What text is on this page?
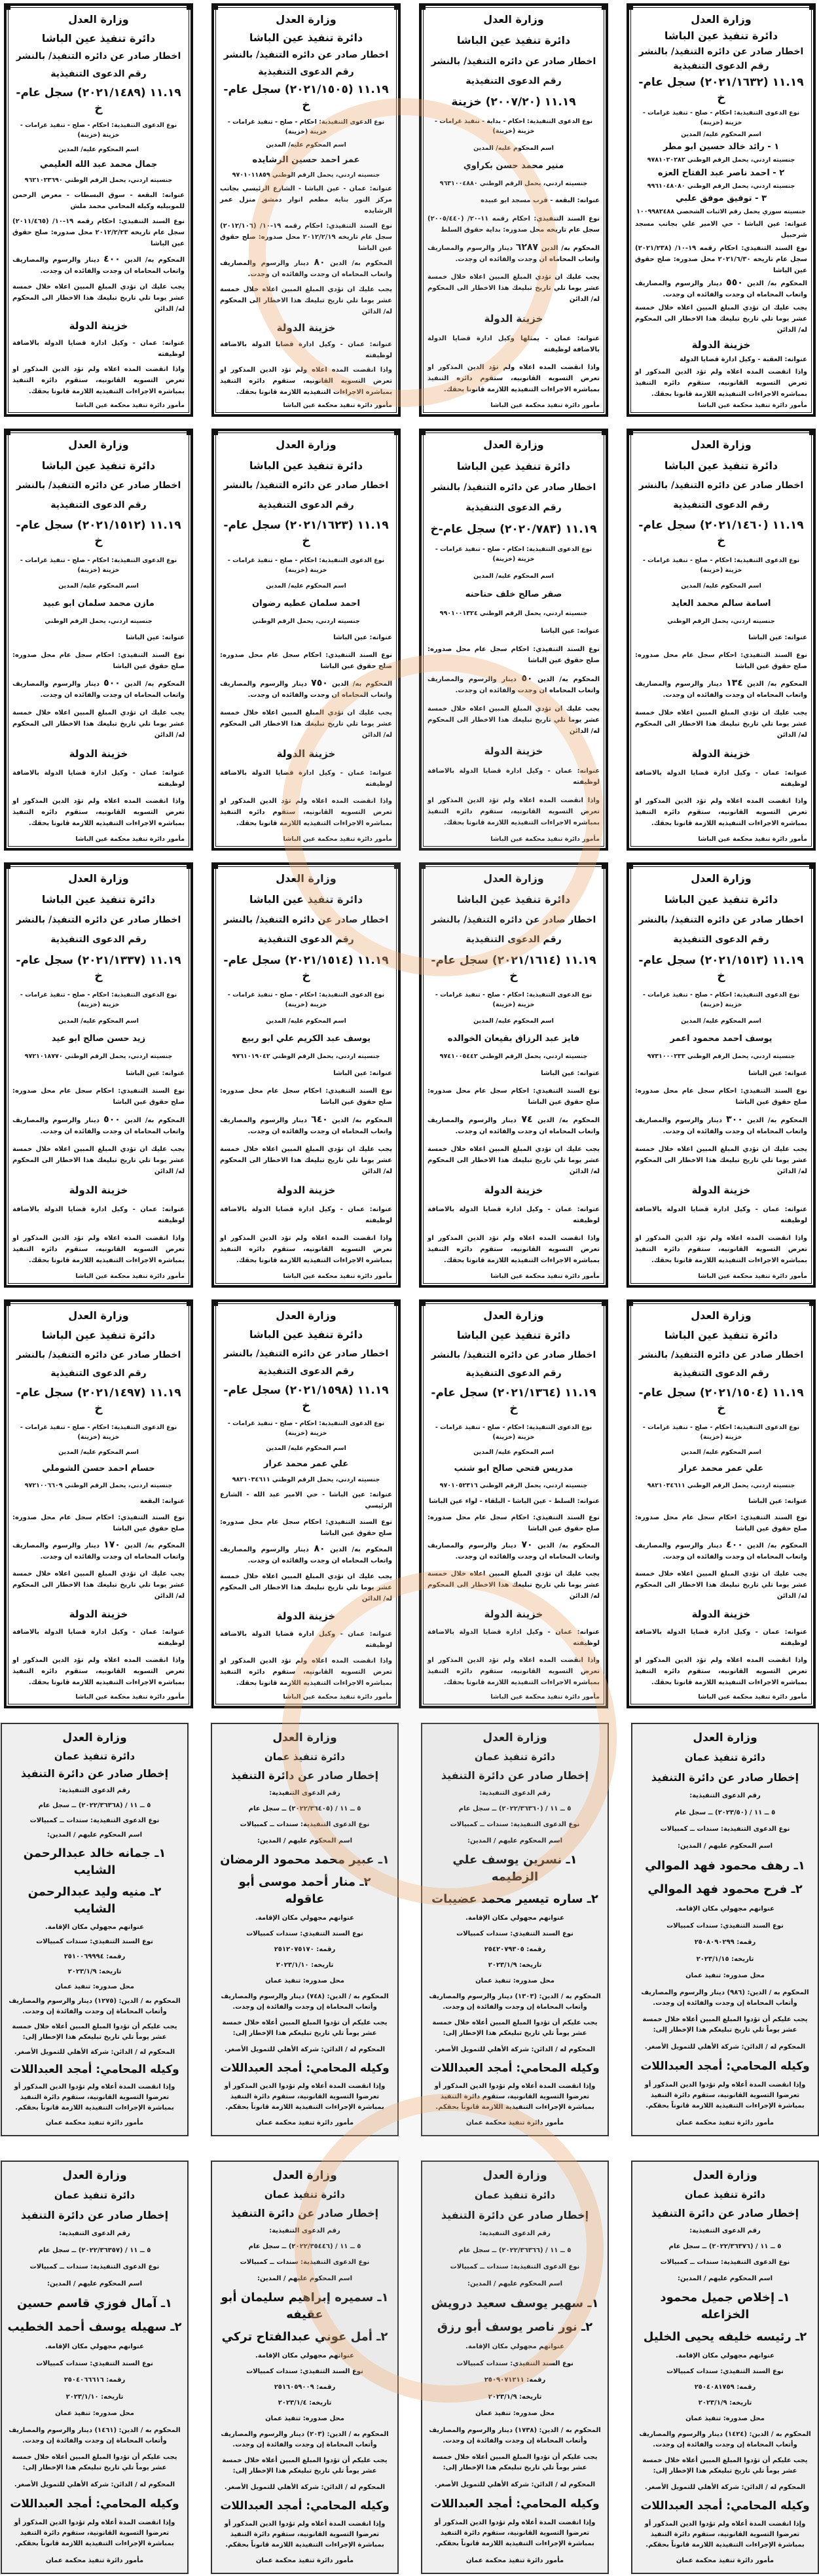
وزارة العدل
دائرة تنفيذ عين الباشا
اخطار صادر عن دائره التنفيذ/ بالنشر
رقم الدعوى التنفيذية
١١.١٩ (٢٠٢١/١٦٣٢) سجل عام-خ
نوع الدعوى التنفيذية: احكام - صلح - تنفيذ غرامات - خزينة (خزينة)
اسم المحكوم عليه/ المدين
١ - رائد خالد حسين ابو مطر
جنسيته اردني، يحمل الرقم الوطني ٩٧٨١٠٢٠٢٨٢
٢ - احمد ناصر عبد الفتاح العزه
جنسيته اردني، يحمل الرقم الوطني ٩٩٦١٠٤٨٠٨٠
٣ - توفيق موفق علبي
جنسيته سوري يحمل رقم الاثبات الشخصي ١٠٠٩٩٨٢٤٨٨
عنوانه: عين الباشا - حي الامير علي بجانب مسجد شرحبيل
نوع السند التنفيذي: احكام رقمه ١٩-١٠/ (٢٠٢١/٢٣٨) سجل عام تاريخه ٢٠٢١/٦/٣٠ محل صدوره: صلح حقوق عين الباشا
المحكوم به/ الدين ٥٥٠ دينار والرسوم والمصاريف واتعاب المحاماه ان وجدت والفائده ان وجدت.
يجب عليك ان تؤدي المبلغ المبين اعلاه خلال خمسة عشر يوما تلي تاريخ تبليغك هذا الاخطار الى المحكوم له/ الدائن
خزينة الدولة
عنوانه: العقبة - وكيل ادارة قضايا الدولة
واذا انقضت المده اعلاه ولم تؤد الدين المذكور او تعرض التسويه القانونيه، ستقوم دائره التنفيذ بمباشره الاجراءات التنفيذيه اللازمة قانونا بحقك.
مأمور دائرة تنفيذ محكمة عين الباشا
وزارة العدل
دائرة تنفيذ عين الباشا
اخطار صادر عن دائره التنفيذ/ بالنشر
رقم الدعوى التنفيذية
١١.١٩ (٢٠٠٧/٢٠) خزينة
نوع الدعوى التنفيذية: احكام - بداية - تنفيذ غرامات - خزينة (خزينة)
اسم المحكوم عليه/ المدين
منير محمد حسن بكراوي
جنسيته اردني، يحمل الرقم الوطني ٩٦٣١٠٠٤٨٨٠
عنوانه: البقعة - قرب مسجد ابو عبيده
نوع السند التنفيذي: احكام رقمه ١١-٢٠/ (٢٠٠٥/٤٤٠) سجل عام تاريخه محل صدوره: بداية حقوق السلط
المحكوم به/ الدين ٦٢٨٧ دينار والرسوم والمصاريف واتعاب المحاماه ان وجدت والفائده ان وجدت.
يجب عليك ان تؤدي المبلغ المبين اعلاه خلال خمسة عشر يوما تلي تاريخ تبليغك هذا الاخطار الى المحكوم له/ الدائن
خزينة الدولة
عنوانه: عمان - يمثلها وكيل ادارة قضايا الدولة بالاضافة لوظيفته
واذا انقضت المده اعلاه ولم تؤد الدين المذكور او تعرض التسويه القانونيه، ستقوم دائره التنفيذ بمباشره الاجراءات التنفيذيه اللازمة قانونا بحقك.
مأمور دائرة تنفيذ محكمة عين الباشا
وزارة العدل
دائرة تنفيذ عين الباشا
اخطار صادر عن دائره التنفيذ/ بالنشر
رقم الدعوى التنفيذية
١١.١٩ (٢٠٢١/١٥٠٥) سجل عام-خ
نوع الدعوى التنفيذية: احكام - صلح - تنفيذ غرامات - خزينة (خزينة)
اسم المحكوم عليه/ المدين
عمر احمد حسين الرشايده
جنسيته اردني، يحمل الرقم الوطني ٩٧٠١٠١١٨٥٩
عنوانه: عمان - عين الباشا - الشارع الرئيسي بجانب مركز النور بناية مطعم انوار دمشق منزل عمر الرشايده
نوع السند التنفيذي: احكام رقمه ١٩-١٠/ (٢٠١٢/١٠٦) سجل عام تاريخه ٢٠١٢/٢/١٩ محل صدوره: صلح حقوق عين الباشا
المحكوم به/ الدين ٨٠ دينار والرسوم والمصاريف واتعاب المحاماه ان وجدت والفائده ان وجدت.
يجب عليك ان تؤدي المبلغ المبين اعلاه خلال خمسة عشر يوما تلي تاريخ تبليغك هذا الاخطار الى المحكوم له/ الدائن
خزينة الدولة
عنوانه: عمان - وكيل ادارة قضايا الدولة بالاضافة لوظيفته
واذا انقضت المده اعلاه ولم تؤد الدين المذكور او تعرض التسويه القانونيه، ستقوم دائره التنفيذ بمباشره الاجراءات التنفيذيه اللازمة قانونا بحقك.
مأمور دائرة تنفيذ محكمة عين الباشا
وزارة العدل
دائرة تنفيذ عين الباشا
اخطار صادر عن دائره التنفيذ/ بالنشر
رقم الدعوى التنفيذية
١١.١٩ (٢٠٢١/١٤٨٩) سجل عام-خ
نوع الدعوى التنفيذية: احكام - صلح - تنفيذ غرامات - خزينة (خزينة)
اسم المحكوم عليه/ المدين
جمال محمد عبد الله العليمي
جنسيته اردني، يحمل الرقم الوطني ٩٦٢١٠٢٣٦٩٠
عنوانه: البقعة - سوق البسطات - معرض الرحمن للموبيليه وكيله المحامي محمد ملش
نوع السند التنفيذي: احكام رقمه ١٩-١٠/ (٢٠١١/٤٦٥) سجل عام تاريخه ٢٠١٢/٢/٢٣ محل صدوره: صلح حقوق عين الباشا
المحكوم به/ الدين ٤٠٠ دينار والرسوم والمصاريف واتعاب المحاماه ان وجدت والفائده ان وجدت.
يجب عليك ان تؤدي المبلغ المبين اعلاه خلال خمسة عشر يوما تلي تاريخ تبليغك هذا الاخطار الى المحكوم له/ الدائن
خزينة الدولة
عنوانه: عمان - وكيل ادارة قضايا الدولة بالاضافة لوظيفته
واذا انقضت المده اعلاه ولم تؤد الدين المذكور او تعرض التسويه القانونيه، ستقوم دائره التنفيذ بمباشره الاجراءات التنفيذيه اللازمة قانونا بحقك.
مأمور دائرة تنفيذ محكمة عين الباشا
وزارة العدل
دائرة تنفيذ عين الباشا
اخطار صادر عن دائره التنفيذ/ بالنشر
رقم الدعوى التنفيذية
١١.١٩ (٢٠٢١/١٤٦٠) سجل عام-خ
نوع الدعوى التنفيذية: احكام - صلح - تنفيذ غرامات - خزينة (خزينة)
اسم المحكوم عليه/ المدين
اسامة سالم محمد العايد
جنسيته اردني، يحمل الرقم الوطني
عنوانه: عين الباشا
نوع السند التنفيذي: احكام سجل عام محل صدوره: صلح حقوق عين الباشا
المحكوم به/ الدين ١٣٤ دينار والرسوم والمصاريف واتعاب المحاماه ان وجدت والفائده ان وجدت.
يجب عليك ان تؤدي المبلغ المبين اعلاه خلال خمسة عشر يوما تلي تاريخ تبليغك هذا الاخطار الى المحكوم له/ الدائن
خزينة الدولة
عنوانه: عمان - وكيل ادارة قضايا الدولة بالاضافة لوظيفته
واذا انقضت المده اعلاه ولم تؤد الدين المذكور او تعرض التسويه القانونيه، ستقوم دائره التنفيذ بمباشره الاجراءات التنفيذيه اللازمة قانونا بحقك.
مأمور دائرة تنفيذ محكمة عين الباشا
وزارة العدل
دائرة تنفيذ عين الباشا
اخطار صادر عن دائره التنفيذ/ بالنشر
رقم الدعوى التنفيذية
١١.١٩ (٢٠٢٠/٧٨٣) سجل عام-خ
نوع الدعوى التنفيذية: احكام - صلح - تنفيذ غرامات - خزينة (خزينة)
اسم المحكوم عليه/ المدين
صقر صالح خلف حناحنه
جنسيته اردني، يحمل الرقم الوطني ٩٩٠١٠٠١٣٢٤
عنوانه: عين الباشا
نوع السند التنفيذي: احكام سجل عام محل صدوره: صلح حقوق عين الباشا
المحكوم به/ الدين ٥٠ دينار والرسوم والمصاريف واتعاب المحاماه ان وجدت والفائده ان وجدت.
يجب عليك ان تؤدي المبلغ المبين اعلاه خلال خمسة عشر يوما تلي تاريخ تبليغك هذا الاخطار الى المحكوم له/ الدائن
خزينة الدولة
عنوانه: عمان - وكيل ادارة قضايا الدولة بالاضافة لوظيفته
واذا انقضت المده اعلاه ولم تؤد الدين المذكور او تعرض التسويه القانونيه، ستقوم دائره التنفيذ بمباشره الاجراءات التنفيذيه اللازمة قانونا بحقك.
مأمور دائرة تنفيذ محكمة عين الباشا
وزارة العدل
دائرة تنفيذ عين الباشا
اخطار صادر عن دائره التنفيذ/ بالنشر
رقم الدعوى التنفيذية
١١.١٩ (٢٠٢١/١٦٢٣) سجل عام-خ
نوع الدعوى التنفيذية: احكام - صلح - تنفيذ غرامات - خزينة (خزينة)
اسم المحكوم عليه/ المدين
احمد سلمان عطيه رضوان
جنسيته اردني، يحمل الرقم الوطني
عنوانه: عين الباشا
نوع السند التنفيذي: احكام سجل عام محل صدوره: صلح حقوق عين الباشا
المحكوم به/ الدين ٧٥٠ دينار والرسوم والمصاريف واتعاب المحاماه ان وجدت والفائده ان وجدت.
يجب عليك ان تؤدي المبلغ المبين اعلاه خلال خمسة عشر يوما تلي تاريخ تبليغك هذا الاخطار الى المحكوم له/ الدائن
خزينة الدولة
عنوانه: عمان - وكيل ادارة قضايا الدولة بالاضافة لوظيفته
واذا انقضت المده اعلاه ولم تؤد الدين المذكور او تعرض التسويه القانونيه، ستقوم دائره التنفيذ بمباشره الاجراءات التنفيذيه اللازمة قانونا بحقك.
مأمور دائرة تنفيذ محكمة عين الباشا
وزارة العدل
دائرة تنفيذ عين الباشا
اخطار صادر عن دائره التنفيذ/ بالنشر
رقم الدعوى التنفيذية
١١.١٩ (٢٠٢١/١٥١٢) سجل عام-خ
نوع الدعوى التنفيذية: احكام - صلح - تنفيذ غرامات - خزينة (خزينة)
اسم المحكوم عليه/ المدين
مازن محمد سلمان ابو عبيد
جنسيته اردني، يحمل الرقم الوطني
عنوانه: عين الباشا
نوع السند التنفيذي: احكام سجل عام محل صدوره: صلح حقوق عين الباشا
المحكوم به/ الدين ٥٠٠ دينار والرسوم والمصاريف واتعاب المحاماه ان وجدت والفائده ان وجدت.
يجب عليك ان تؤدي المبلغ المبين اعلاه خلال خمسة عشر يوما تلي تاريخ تبليغك هذا الاخطار الى المحكوم له/ الدائن
خزينة الدولة
عنوانه: عمان - وكيل ادارة قضايا الدولة بالاضافة لوظيفته
واذا انقضت المده اعلاه ولم تؤد الدين المذكور او تعرض التسويه القانونيه، ستقوم دائره التنفيذ بمباشره الاجراءات التنفيذيه اللازمة قانونا بحقك.
مأمور دائرة تنفيذ محكمة عين الباشا
وزارة العدل
دائرة تنفيذ عين الباشا
اخطار صادر عن دائره التنفيذ/ بالنشر
رقم الدعوى التنفيذية
١١.١٩ (٢٠٢١/١٥١٣) سجل عام-خ
نوع الدعوى التنفيذية: احكام - صلح - تنفيذ غرامات - خزينة (خزينة)
اسم المحكوم عليه/ المدين
يوسف احمد محمود اعمر
جنسيته اردني، يحمل الرقم الوطني ٩٧٣١٠٠٠٢٣٣
عنوانه: عين الباشا
نوع السند التنفيذي: احكام سجل عام محل صدوره: صلح حقوق عين الباشا
المحكوم به/ الدين ٣٠٠ دينار والرسوم والمصاريف واتعاب المحاماه ان وجدت والفائده ان وجدت.
يجب عليك ان تؤدي المبلغ المبين اعلاه خلال خمسة عشر يوما تلي تاريخ تبليغك هذا الاخطار الى المحكوم له/ الدائن
خزينة الدولة
عنوانه: عمان - وكيل ادارة قضايا الدولة بالاضافة لوظيفته
واذا انقضت المده اعلاه ولم تؤد الدين المذكور او تعرض التسويه القانونيه، ستقوم دائره التنفيذ بمباشره الاجراءات التنفيذيه اللازمة قانونا بحقك.
مأمور دائرة تنفيذ محكمة عين الباشا
وزارة العدل
دائرة تنفيذ عين الباشا
اخطار صادر عن دائره التنفيذ/ بالنشر
رقم الدعوى التنفيذية
١١.١٩ (٢٠٢١/١٦١٤) سجل عام-خ
نوع الدعوى التنفيذية: احكام - صلح - تنفيذ غرامات - خزينة (خزينة)
اسم المحكوم عليه/ المدين
فايز عبد الرزاق بقيعان الخوالده
جنسيته اردني، يحمل الرقم الوطني ٩٧٤١٠٠٥٤٤٢
عنوانه: عين الباشا
نوع السند التنفيذي: احكام سجل عام محل صدوره: صلح حقوق عين الباشا
المحكوم به/ الدين ٧٤ دينار والرسوم والمصاريف واتعاب المحاماه ان وجدت والفائده ان وجدت.
يجب عليك ان تؤدي المبلغ المبين اعلاه خلال خمسة عشر يوما تلي تاريخ تبليغك هذا الاخطار الى المحكوم له/ الدائن
خزينة الدولة
عنوانه: عمان - وكيل ادارة قضايا الدولة بالاضافة لوظيفته
واذا انقضت المده اعلاه ولم تؤد الدين المذكور او تعرض التسويه القانونيه، ستقوم دائره التنفيذ بمباشره الاجراءات التنفيذيه اللازمة قانونا بحقك.
مأمور دائرة تنفيذ محكمة عين الباشا
وزارة العدل
دائرة تنفيذ عين الباشا
اخطار صادر عن دائره التنفيذ/ بالنشر
رقم الدعوى التنفيذية
١١.١٩ (٢٠٢١/١٥١٤) سجل عام-خ
نوع الدعوى التنفيذية: احكام - صلح - تنفيذ غرامات - خزينة (خزينة)
اسم المحكوم عليه/ المدين
يوسف عبد الكريم علي ابو ربيع
جنسيته اردني، يحمل الرقم الوطني ٩٧٦١٠١٩٠٤٢
عنوانه: عين الباشا
نوع السند التنفيذي: احكام سجل عام محل صدوره: صلح حقوق عين الباشا
المحكوم به/ الدين ٦٤٠ دينار والرسوم والمصاريف واتعاب المحاماه ان وجدت والفائده ان وجدت.
يجب عليك ان تؤدي المبلغ المبين اعلاه خلال خمسة عشر يوما تلي تاريخ تبليغك هذا الاخطار الى المحكوم له/ الدائن
خزينة الدولة
عنوانه: عمان - وكيل ادارة قضايا الدولة بالاضافة لوظيفته
واذا انقضت المده اعلاه ولم تؤد الدين المذكور او تعرض التسويه القانونيه، ستقوم دائره التنفيذ بمباشره الاجراءات التنفيذيه اللازمة قانونا بحقك.
مأمور دائرة تنفيذ محكمة عين الباشا
وزارة العدل
دائرة تنفيذ عين الباشا
اخطار صادر عن دائره التنفيذ/ بالنشر
رقم الدعوى التنفيذية
١١.١٩ (٢٠٢١/١٣٣٧) سجل عام-خ
نوع الدعوى التنفيذية: احكام - صلح - تنفيذ غرامات - خزينة (خزينة)
اسم المحكوم عليه/ المدين
زيد حسن صالح ابو عيد
جنسيته اردني، يحمل الرقم الوطني ٩٧٢١٠١٨٧٧٠
عنوانه: عين الباشا
نوع السند التنفيذي: احكام سجل عام محل صدوره: صلح حقوق عين الباشا
المحكوم به/ الدين ٥٠٠ دينار والرسوم والمصاريف واتعاب المحاماه ان وجدت والفائده ان وجدت.
يجب عليك ان تؤدي المبلغ المبين اعلاه خلال خمسة عشر يوما تلي تاريخ تبليغك هذا الاخطار الى المحكوم له/ الدائن
خزينة الدولة
عنوانه: عمان - وكيل ادارة قضايا الدولة بالاضافة لوظيفته
واذا انقضت المده اعلاه ولم تؤد الدين المذكور او تعرض التسويه القانونيه، ستقوم دائره التنفيذ بمباشره الاجراءات التنفيذيه اللازمة قانونا بحقك.
مأمور دائرة تنفيذ محكمة عين الباشا
وزارة العدل
دائرة تنفيذ عين الباشا
اخطار صادر عن دائره التنفيذ/ بالنشر
رقم الدعوى التنفيذية
١١.١٩ (٢٠٢١/١٥٠٤) سجل عام-خ
نوع الدعوى التنفيذية: احكام - صلح - تنفيذ غرامات - خزينة (خزينة)
اسم المحكوم عليه/ المدين
علي عمر محمد عرار
جنسيته اردني، يحمل الرقم الوطني ٩٨٢١٠٣٤٦١١
عنوانه: عين الباشا
نوع السند التنفيذي: احكام سجل عام محل صدوره: صلح حقوق عين الباشا
المحكوم به/ الدين ٤٠٠ دينار والرسوم والمصاريف واتعاب المحاماه ان وجدت والفائده ان وجدت.
يجب عليك ان تؤدي المبلغ المبين اعلاه خلال خمسة عشر يوما تلي تاريخ تبليغك هذا الاخطار الى المحكوم له/ الدائن
خزينة الدولة
عنوانه: عمان - وكيل ادارة قضايا الدولة بالاضافة لوظيفته
واذا انقضت المده اعلاه ولم تؤد الدين المذكور او تعرض التسويه القانونيه، ستقوم دائره التنفيذ بمباشره الاجراءات التنفيذيه اللازمة قانونا بحقك.
مأمور دائرة تنفيذ محكمة عين الباشا
وزارة العدل
دائرة تنفيذ عين الباشا
اخطار صادر عن دائره التنفيذ/ بالنشر
رقم الدعوى التنفيذية
١١.١٩ (٢٠٢١/١٣٦٤) سجل عام-خ
نوع الدعوى التنفيذية: احكام - صلح - تنفيذ غرامات - خزينة (خزينة)
اسم المحكوم عليه/ المدين
مدريس فتحي صالح ابو شنب
جنسيته اردني، يحمل الرقم الوطني ٩٧٠١٠٥٢٣١٦
عنوانه: السلط - عين الباشا - البلقاء - لواء عين الباشا
نوع السند التنفيذي: احكام سجل عام محل صدوره: صلح حقوق عين الباشا
المحكوم به/ الدين ٧٠ دينار والرسوم والمصاريف واتعاب المحاماه ان وجدت والفائده ان وجدت.
يجب عليك ان تؤدي المبلغ المبين اعلاه خلال خمسة عشر يوما تلي تاريخ تبليغك هذا الاخطار الى المحكوم له/ الدائن
خزينة الدولة
عنوانه: عمان - وكيل ادارة قضايا الدولة بالاضافة لوظيفته
واذا انقضت المده اعلاه ولم تؤد الدين المذكور او تعرض التسويه القانونيه، ستقوم دائره التنفيذ بمباشره الاجراءات التنفيذيه اللازمة قانونا بحقك.
مأمور دائرة تنفيذ محكمة عين الباشا
وزارة العدل
دائرة تنفيذ عين الباشا
اخطار صادر عن دائره التنفيذ/ بالنشر
رقم الدعوى التنفيذية
١١.١٩ (٢٠٢١/١٥٩٨) سجل عام-خ
نوع الدعوى التنفيذية: احكام - صلح - تنفيذ غرامات - خزينة (خزينة)
اسم المحكوم عليه/ المدين
علي عمر محمد عرار
جنسيته اردني، يحمل الرقم الوطني ٩٨٢١٠٣٤٦١١
عنوانه: عين الباشا - حي الامير عبد الله - الشارع الرئيسي
نوع السند التنفيذي: احكام سجل عام محل صدوره: صلح حقوق عين الباشا
المحكوم به/ الدين ٨٠ دينار والرسوم والمصاريف واتعاب المحاماه ان وجدت والفائده ان وجدت.
يجب عليك ان تؤدي المبلغ المبين اعلاه خلال خمسة عشر يوما تلي تاريخ تبليغك هذا الاخطار الى المحكوم له/ الدائن
خزينة الدولة
عنوانه: عمان - وكيل ادارة قضايا الدولة بالاضافة لوظيفته
واذا انقضت المده اعلاه ولم تؤد الدين المذكور او تعرض التسويه القانونيه، ستقوم دائره التنفيذ بمباشره الاجراءات التنفيذيه اللازمة قانونا بحقك.
مأمور دائرة تنفيذ محكمة عين الباشا
وزارة العدل
دائرة تنفيذ عين الباشا
اخطار صادر عن دائره التنفيذ/ بالنشر
رقم الدعوى التنفيذية
١١.١٩ (٢٠٢١/١٤٩٧) سجل عام-خ
نوع الدعوى التنفيذية: احكام - صلح - تنفيذ غرامات - خزينة (خزينة)
اسم المحكوم عليه/ المدين
حسام احمد حسن الشوملي
جنسيته اردني، يحمل الرقم الوطني ٩٧٢١٠٠٦٦٠٩
عنوانه: البقعة
نوع السند التنفيذي: احكام سجل عام محل صدوره: صلح حقوق عين الباشا
المحكوم به/ الدين ١٧٠ دينار والرسوم والمصاريف واتعاب المحاماه ان وجدت والفائده ان وجدت.
يجب عليك ان تؤدي المبلغ المبين اعلاه خلال خمسة عشر يوما تلي تاريخ تبليغك هذا الاخطار الى المحكوم له/ الدائن
خزينة الدولة
عنوانه: عمان - وكيل ادارة قضايا الدولة بالاضافة لوظيفته
واذا انقضت المده اعلاه ولم تؤد الدين المذكور او تعرض التسويه القانونيه، ستقوم دائره التنفيذ بمباشره الاجراءات التنفيذيه اللازمة قانونا بحقك.
مأمور دائرة تنفيذ محكمة عين الباشا
وزارة العدل
دائرة تنفيذ عمان
إخطار صادر عن دائرة التنفيذ
رقم الدعوى التنفيذية:
٥ ــ ١١ / (٢٠٢٣/٥٠) ــ سجل عام
نوع الدعوى التنفيذية: سندات ــ كمبيالات
اسم المحكوم عليهم / المدين:
١ـ رهف محمود فهد الموالي
٢ـ فرح محمود فهد الموالي
عنوانهم مجهولي مكان الإقامة.
نوع السند التنفيذي: سندات كمبيالات
رقمه: ٢٥٠٨٠٩٠٢٩٩
تاريخه: ٢٠٢٣/١/١٥
محل صدوره: تنفيذ عمان
المحكوم به / الدين: (٩٨٦) دينار والرسوم والمصاريف وأتعاب المحاماة إن وجدت والفائدة إن وجدت.
يجب عليكم أن تؤدوا المبلغ المبين أعلاه خلال خمسة عشر يوماً تلي تاريخ تبليغكم هذا الإخطار إلى:
المحكوم له / الدائن: شركة الأهلي للتمويل الأصغر.
وكيله المحامي: أمجد العبداللات
وإذا انقضت المدة أعلاه ولم تؤدوا الدين المذكور أو تعرضوا التسوية القانونية، ستقوم دائرة التنفيذ بمباشرة الإجراءات التنفيذية اللازمة قانوناً بحقكم.
مأمور دائرة تنفيذ محكمة عمان
وزارة العدل
دائرة تنفيذ عمان
إخطار صادر عن دائرة التنفيذ
رقم الدعوى التنفيذية:
٥ ــ ١١ / (٢٠٢٢/٣٦٣٦٠) ــ سجل عام
نوع الدعوى التنفيذية: سندات ــ كمبيالات
اسم المحكوم عليهم / المدين:
١ـ نسرين يوسف علي الزطيمه
٢ـ ساره تيسير محمد عضيبات
عنوانهم مجهولي مكان الإقامة.
نوع السند التنفيذي: سندات كمبيالات
رقمه: ٢٥٤٢٠٧٩٣٠٥
تاريخه: ٢٠٢٣/١/٩
محل صدوره: تنفيذ عمان
المحكوم به / الدين: (١٣٠٣) دينار والرسوم والمصاريف وأتعاب المحاماة إن وجدت والفائدة إن وجدت.
يجب عليكم أن تؤدوا المبلغ المبين أعلاه خلال خمسة عشر يوماً تلي تاريخ تبليغكم هذا الإخطار إلى:
المحكوم له / الدائن: شركة الأهلي للتمويل الأصغر.
وكيله المحامي: أمجد العبداللات
وإذا انقضت المدة أعلاه ولم تؤدوا الدين المذكور أو تعرضوا التسوية القانونية، ستقوم دائرة التنفيذ بمباشرة الإجراءات التنفيذية اللازمة قانوناً بحقكم.
مأمور دائرة تنفيذ محكمة عمان
وزارة العدل
دائرة تنفيذ عمان
إخطار صادر عن دائرة التنفيذ
رقم الدعوى التنفيذية:
٥ ــ ١١ / (٢٠٢٢/٣٦٤٠٥) ــ سجل عام
نوع الدعوى التنفيذية: سندات ــ كمبيالات
اسم المحكوم عليهم / المدين:
١ـ عبير محمد محمود الرمضان
٢ـ منار أحمد موسى أبو عاقوله
عنوانهم مجهولي مكان الإقامة.
نوع السند التنفيذي: سندات كمبيالات
رقمه: ٢٥١٢٠٧٥١٧٠
تاريخه: ٢٠٢٣/١/١٠
محل صدوره: تنفيذ عمان
المحكوم به / الدين: (٧٤٨) دينار والرسوم والمصاريف وأتعاب المحاماة إن وجدت والفائدة إن وجدت.
يجب عليكم أن تؤدوا المبلغ المبين أعلاه خلال خمسة عشر يوماً تلي تاريخ تبليغكم هذا الإخطار إلى:
المحكوم له / الدائن: شركة الأهلي للتمويل الأصغر.
وكيله المحامي: أمجد العبداللات
وإذا انقضت المدة أعلاه ولم تؤدوا الدين المذكور أو تعرضوا التسوية القانونية، ستقوم دائرة التنفيذ بمباشرة الإجراءات التنفيذية اللازمة قانوناً بحقكم.
مأمور دائرة تنفيذ محكمة عمان
وزارة العدل
دائرة تنفيذ عمان
إخطار صادر عن دائرة التنفيذ
رقم الدعوى التنفيذية:
٥ ــ ١١ / (٢٠٢٢/٣٦٣٦٨) ــ سجل عام
نوع الدعوى التنفيذية: سندات ــ كمبيالات
اسم المحكوم عليهم / المدين:
١ـ جمانه خالد عبدالرحمن الشايب
٢ـ منيه وليد عبدالرحمن الشايب
عنوانهم مجهولي مكان الإقامة.
نوع السند التنفيذي: سندات كمبيالات
رقمه: ٢٥١٠٠٦٩٩٩٤
تاريخه: ٢٠٢٣/١/٩
محل صدوره: تنفيذ عمان
المحكوم به / الدين: (١٢٧٥) دينار والرسوم والمصاريف وأتعاب المحاماة إن وجدت والفائدة إن وجدت.
يجب عليكم أن تؤدوا المبلغ المبين أعلاه خلال خمسة عشر يوماً تلي تاريخ تبليغكم هذا الإخطار إلى:
المحكوم له / الدائن: شركة الأهلي للتمويل الأصغر.
وكيله المحامي: أمجد العبداللات
وإذا انقضت المدة أعلاه ولم تؤدوا الدين المذكور أو تعرضوا التسوية القانونية، ستقوم دائرة التنفيذ بمباشرة الإجراءات التنفيذية اللازمة قانوناً بحقكم.
مأمور دائرة تنفيذ محكمة عمان
وزارة العدل
دائرة تنفيذ عمان
إخطار صادر عن دائرة التنفيذ
رقم الدعوى التنفيذية:
٥ ــ ١١ / (٢٠٢٢/٣٦٣٧٦) ــ سجل عام
نوع الدعوى التنفيذية: سندات ــ كمبيالات
اسم المحكوم عليهم / المدين:
١ـ إخلاص جميل محمود الخزاعله
٢ـ رئيسه خليفه يحيى الخليل
عنوانهم مجهولي مكان الإقامة.
نوع السند التنفيذي: سندات كمبيالات
رقمه: ٢٥٠٤٠٨١٧٥٩
تاريخه: ٢٠٢٣/١/٩
محل صدوره: تنفيذ عمان
المحكوم به / الدين: (١٤٢٤) دينار والرسوم والمصاريف وأتعاب المحاماة إن وجدت والفائدة إن وجدت.
يجب عليكم أن تؤدوا المبلغ المبين أعلاه خلال خمسة عشر يوماً تلي تاريخ تبليغكم هذا الإخطار إلى:
المحكوم له / الدائن: شركة الأهلي للتمويل الأصغر.
وكيله المحامي: أمجد العبداللات
وإذا انقضت المدة أعلاه ولم تؤدوا الدين المذكور أو تعرضوا التسوية القانونية، ستقوم دائرة التنفيذ بمباشرة الإجراءات التنفيذية اللازمة قانوناً بحقكم.
مأمور دائرة تنفيذ محكمة عمان
وزارة العدل
دائرة تنفيذ عمان
إخطار صادر عن دائرة التنفيذ
رقم الدعوى التنفيذية:
٥ ــ ١١ / (٢٠٢٢/٣٦٣٦٦) ــ سجل عام
نوع الدعوى التنفيذية: سندات ــ كمبيالات
اسم المحكوم عليهم / المدين:
١ـ سهير يوسف سعيد درويش
٢ـ نور ناصر يوسف أبو رزق
عنوانهم مجهولي مكان الإقامة.
نوع السند التنفيذي: سندات كمبيالات
رقمه: ٢٥٠٩٠٧١٢١١
تاريخه: ٢٠٢٣/١/٩
محل صدوره: تنفيذ عمان
المحكوم به / الدين: (١٧٣٨) دينار والرسوم والمصاريف وأتعاب المحاماة إن وجدت والفائدة إن وجدت.
يجب عليكم أن تؤدوا المبلغ المبين أعلاه خلال خمسة عشر يوماً تلي تاريخ تبليغكم هذا الإخطار إلى:
المحكوم له / الدائن: شركة الأهلي للتمويل الأصغر.
وكيله المحامي: أمجد العبداللات
وإذا انقضت المدة أعلاه ولم تؤدوا الدين المذكور أو تعرضوا التسوية القانونية، ستقوم دائرة التنفيذ بمباشرة الإجراءات التنفيذية اللازمة قانوناً بحقكم.
مأمور دائرة تنفيذ محكمة عمان
وزارة العدل
دائرة تنفيذ عمان
إخطار صادر عن دائرة التنفيذ
رقم الدعوى التنفيذية:
٥ ــ ١١ / (٢٠٢٢/٣٥٤٤٦) ــ سجل عام
نوع الدعوى التنفيذية: سندات ــ كمبيالات
اسم المحكوم عليهم / المدين:
١ـ سميره إبراهيم سليمان أبو عقيفه
٢ـ أمل عوني عبدالفتاح تركي
عنوانهم مجهولي مكان الإقامة.
نوع السند التنفيذي: سندات كمبيالات
رقمه: ٢٥١٦٠٥٩٠٠٩
تاريخه: ٢٠٢٣/١/٤
محل صدوره: تنفيذ عمان
المحكوم به / الدين: (٢٠٣) دينار والرسوم والمصاريف وأتعاب المحاماة إن وجدت والفائدة إن وجدت.
يجب عليكم أن تؤدوا المبلغ المبين أعلاه خلال خمسة عشر يوماً تلي تاريخ تبليغكم هذا الإخطار إلى:
المحكوم له / الدائن: شركة الأهلي للتمويل الأصغر.
وكيله المحامي: أمجد العبداللات
وإذا انقضت المدة أعلاه ولم تؤدوا الدين المذكور أو تعرضوا التسوية القانونية، ستقوم دائرة التنفيذ بمباشرة الإجراءات التنفيذية اللازمة قانوناً بحقكم.
مأمور دائرة تنفيذ محكمة عمان
وزارة العدل
دائرة تنفيذ عمان
إخطار صادر عن دائرة التنفيذ
رقم الدعوى التنفيذية:
٥ ــ ١١ / (٢٠٢٢/٣٦٣٥٧) ــ سجل عام
نوع الدعوى التنفيذية: سندات ــ كمبيالات
اسم المحكوم عليهم / المدين:
١ـ آمال فوزي قاسم حسين
٢ـ سهيله يوسف أحمد الخطيب
عنوانهم مجهولي مكان الإقامة.
نوع السند التنفيذي: سندات كمبيالات
رقمه: ٢٥٠٤٠٦٦٦١٦
تاريخه: ٢٠٢٣/١/١٠
محل صدوره: تنفيذ عمان
المحكوم به / الدين: (١٤٦١) دينار والرسوم والمصاريف وأتعاب المحاماة إن وجدت والفائدة إن وجدت.
يجب عليكم أن تؤدوا المبلغ المبين أعلاه خلال خمسة عشر يوماً تلي تاريخ تبليغكم هذا الإخطار إلى:
المحكوم له / الدائن: شركة الأهلي للتمويل الأصغر.
وكيله المحامي: أمجد العبداللات
وإذا انقضت المدة أعلاه ولم تؤدوا الدين المذكور أو تعرضوا التسوية القانونية، ستقوم دائرة التنفيذ بمباشرة الإجراءات التنفيذية اللازمة قانوناً بحقكم.
مأمور دائرة تنفيذ محكمة عمان
